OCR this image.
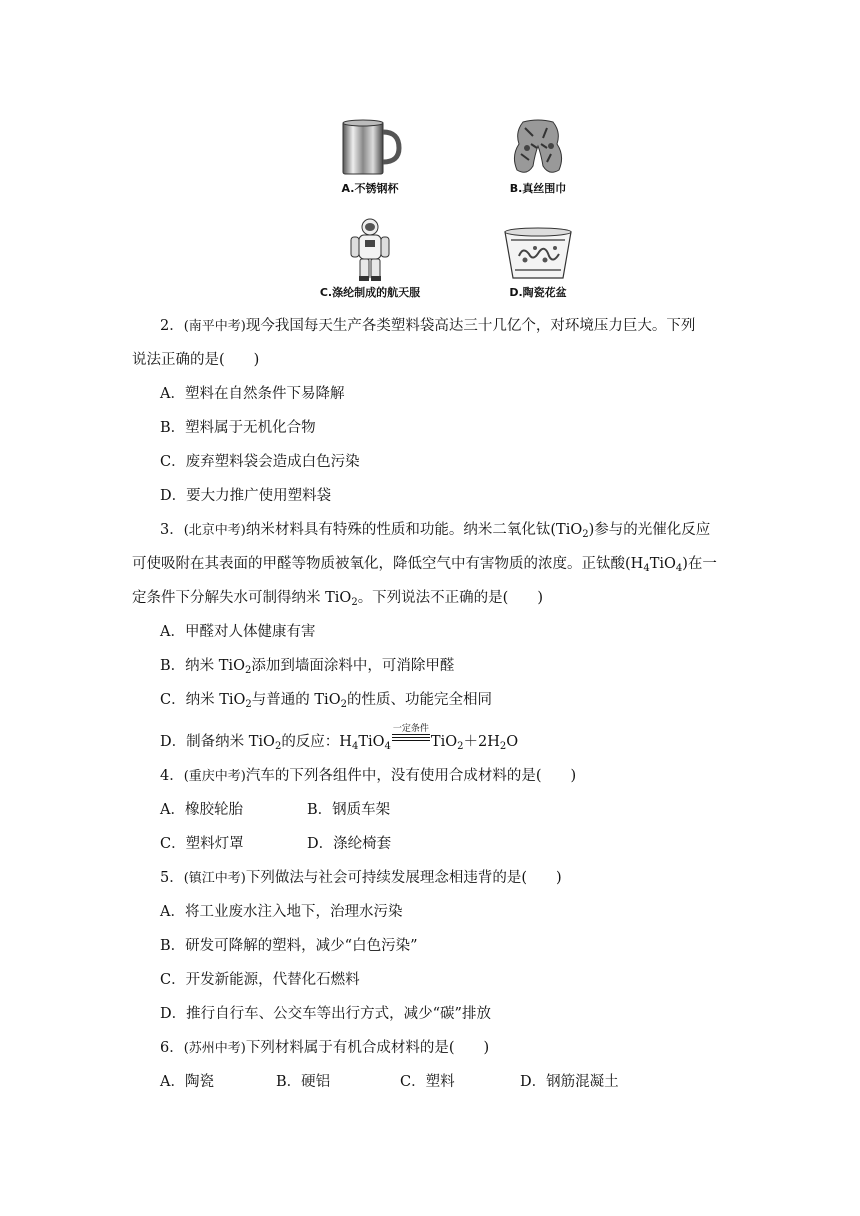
A.不锈钢杯	B.真丝围巾
C.涤纶制成的航天服	D.陶瓷花盆
2．(南平中考)现今我国每天生产各类塑料袋高达三十几亿个，对环境压力巨大。下列
说法正确的是(　　)
A．塑料在自然条件下易降解
B．塑料属于无机化合物
C．废弃塑料袋会造成白色污染
D．要大力推广使用塑料袋
3．(北京中考)纳米材料具有特殊的性质和功能。纳米二氧化钛(TiO$_2$)参与的光催化反应
可使吸附在其表面的甲醛等物质被氧化，降低空气中有害物质的浓度。正钛酸$(H_4TiO_4)$在一
定条件下分解失水可制得纳米 TiO$_2$。下列说法不正确的是(　　)
A．甲醛对人体健康有害
B．纳米 TiO$_2$添加到墙面涂料中，可消除甲醛
C．纳米 TiO$_2$与普通的 TiO$_2$的性质、功能完全相同
D．制备纳米 TiO$_2$的反应：$H_4TiO_4$
一定条件
$TiO_2+2H_2O$
4．(重庆中考)汽车的下列各组件中，没有使用合成材料的是(　　)
A．橡胶轮胎	B．钢质车架
C．塑料灯罩	D．涤纶椅套
5．(镇江中考)下列做法与社会可持续发展理念相违背的是(　　)
A．将工业废水注入地下，治理水污染
B．研发可降解的塑料，减少“白色污染”
C．开发新能源，代替化石燃料
D．推行自行车、公交车等出行方式，减少“碳”排放
6．(苏州中考)下列材料属于有机合成材料的是(　　)
A．陶瓷	B．硬铝	C．塑料	D．钢筋混凝土
